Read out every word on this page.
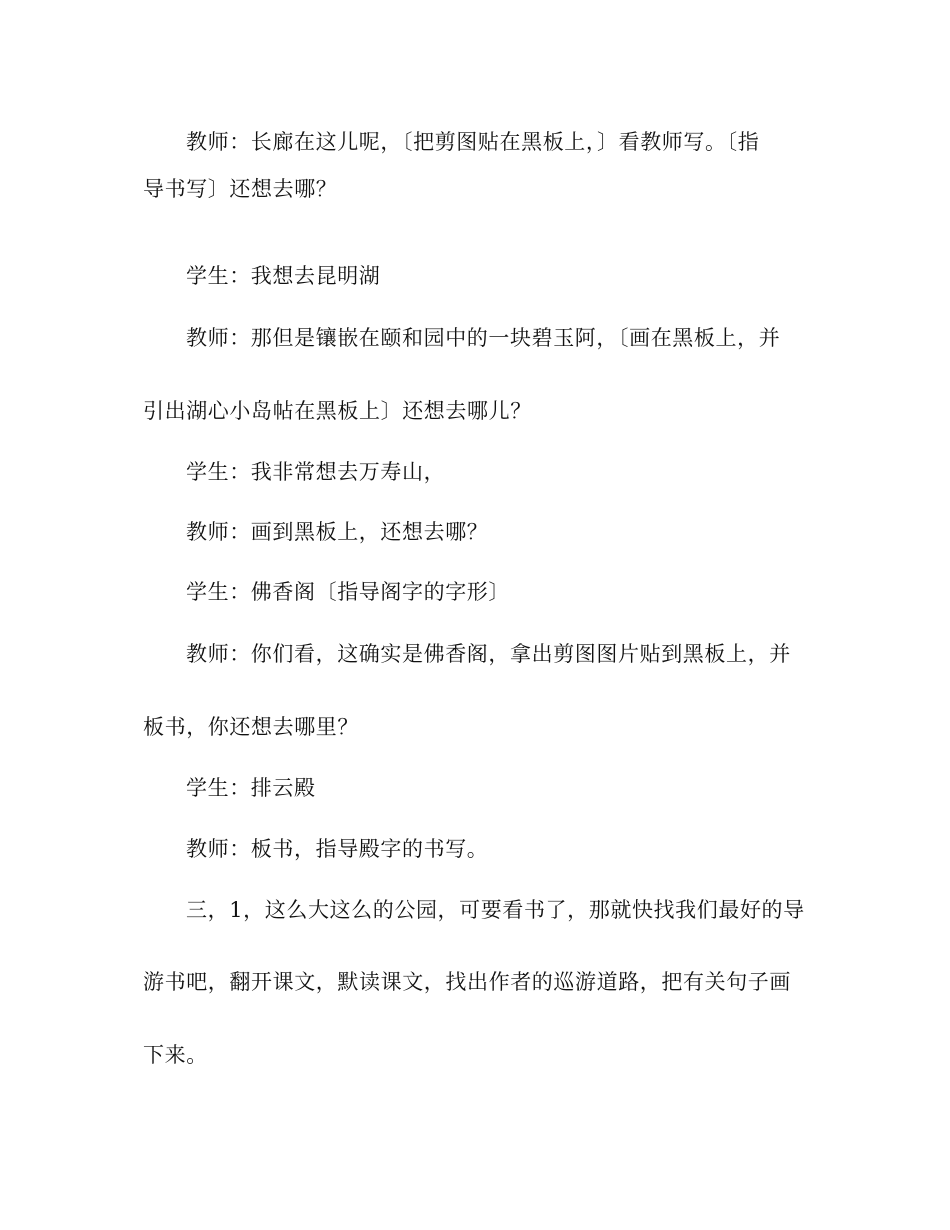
教师：长廊在这儿呢，〔把剪图贴在黑板上，〕看教师写。〔指
导书写〕还想去哪？
学生：我想去昆明湖
教师：那但是镶嵌在颐和园中的一块碧玉阿，〔画在黑板上，并
引出湖心小岛帖在黑板上〕还想去哪儿？
学生：我非常想去万寿山，
教师：画到黑板上，还想去哪？
学生：佛香阁〔指导阁字的字形〕
教师：你们看，这确实是佛香阁，拿出剪图图片贴到黑板上，并
板书，你还想去哪里？
学生：排云殿
教师：板书，指导殿字的书写。
三，1，这么大这么的公园，可要看书了，那就快找我们最好的导
游书吧，翻开课文，默读课文，找出作者的巡游道路，把有关句子画
下来。
